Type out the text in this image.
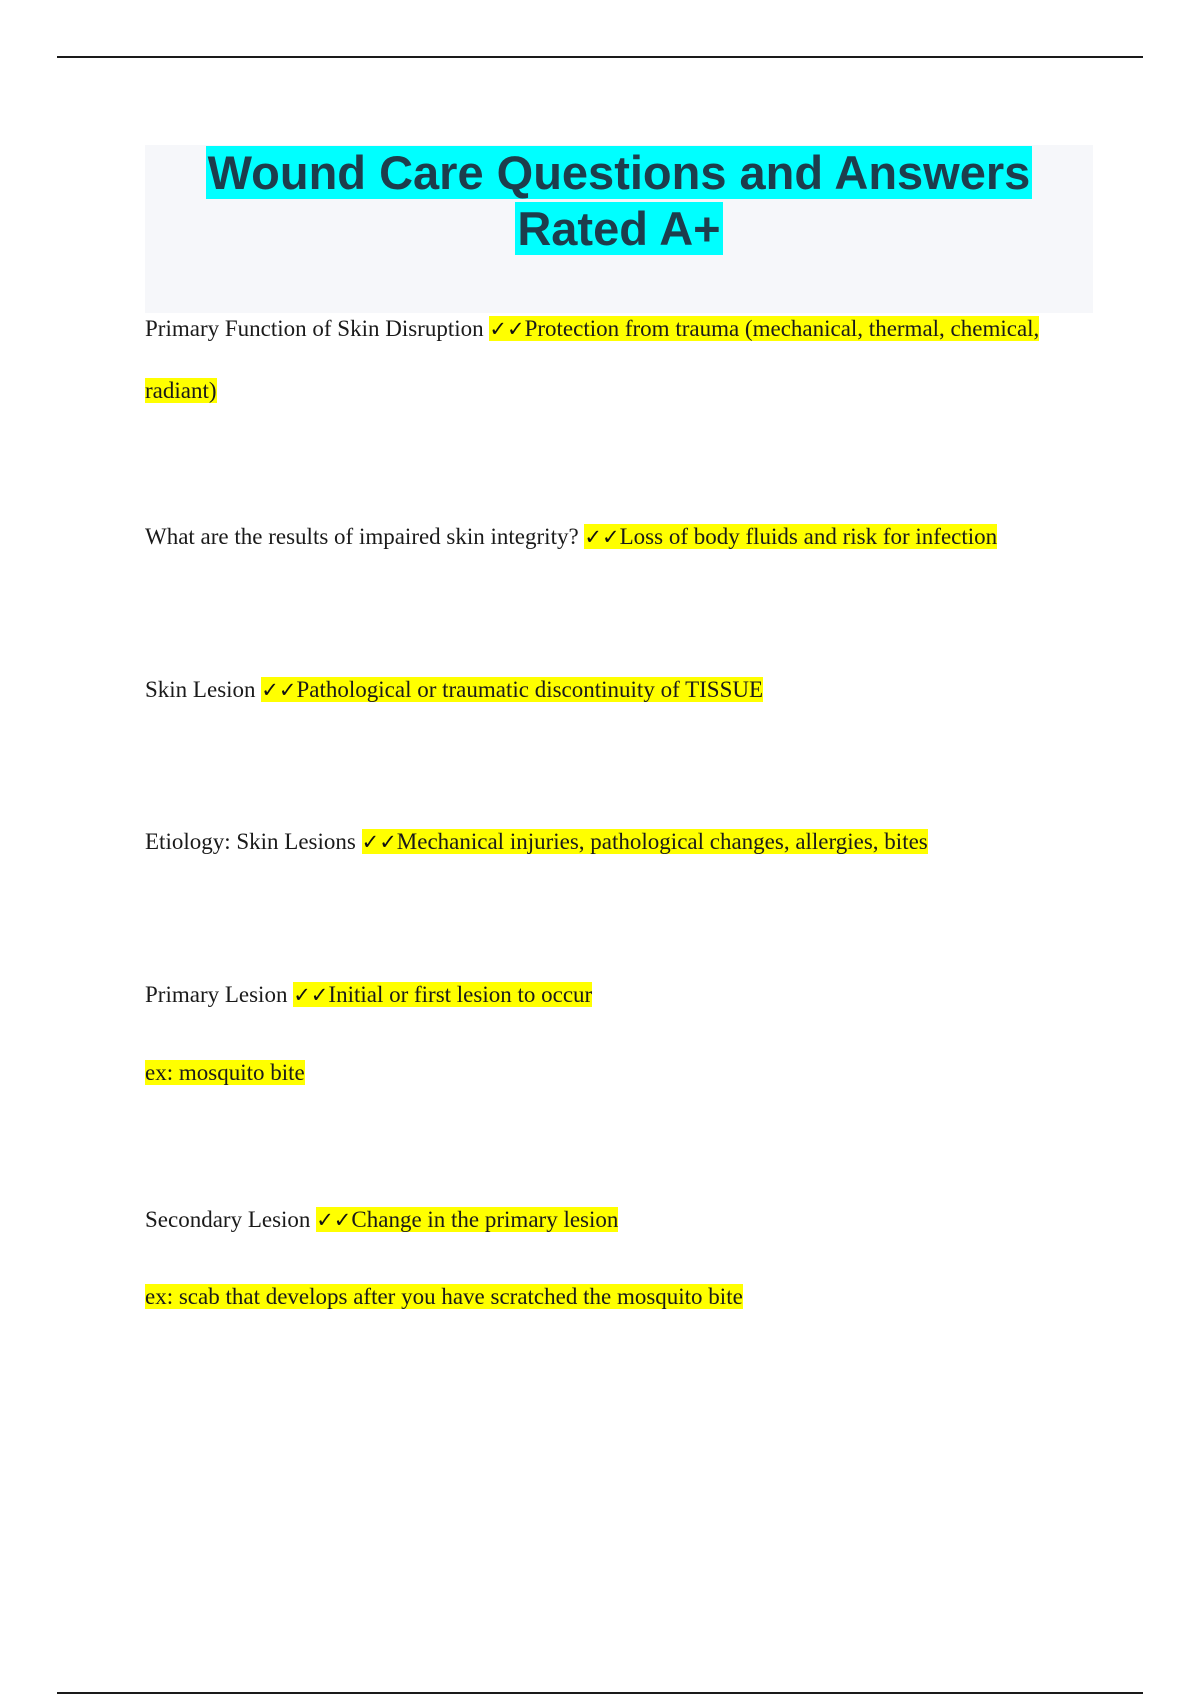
Wound Care Questions and Answers
Rated A+

Primary Function of Skin Disruption ✓✓Protection from trauma (mechanical, thermal, chemical, radiant)

What are the results of impaired skin integrity? ✓✓Loss of body fluids and risk for infection

Skin Lesion ✓✓Pathological or traumatic discontinuity of TISSUE

Etiology: Skin Lesions ✓✓Mechanical injuries, pathological changes, allergies, bites

Primary Lesion ✓✓Initial or first lesion to occur

ex: mosquito bite

Secondary Lesion ✓✓Change in the primary lesion

ex: scab that develops after you have scratched the mosquito bite
